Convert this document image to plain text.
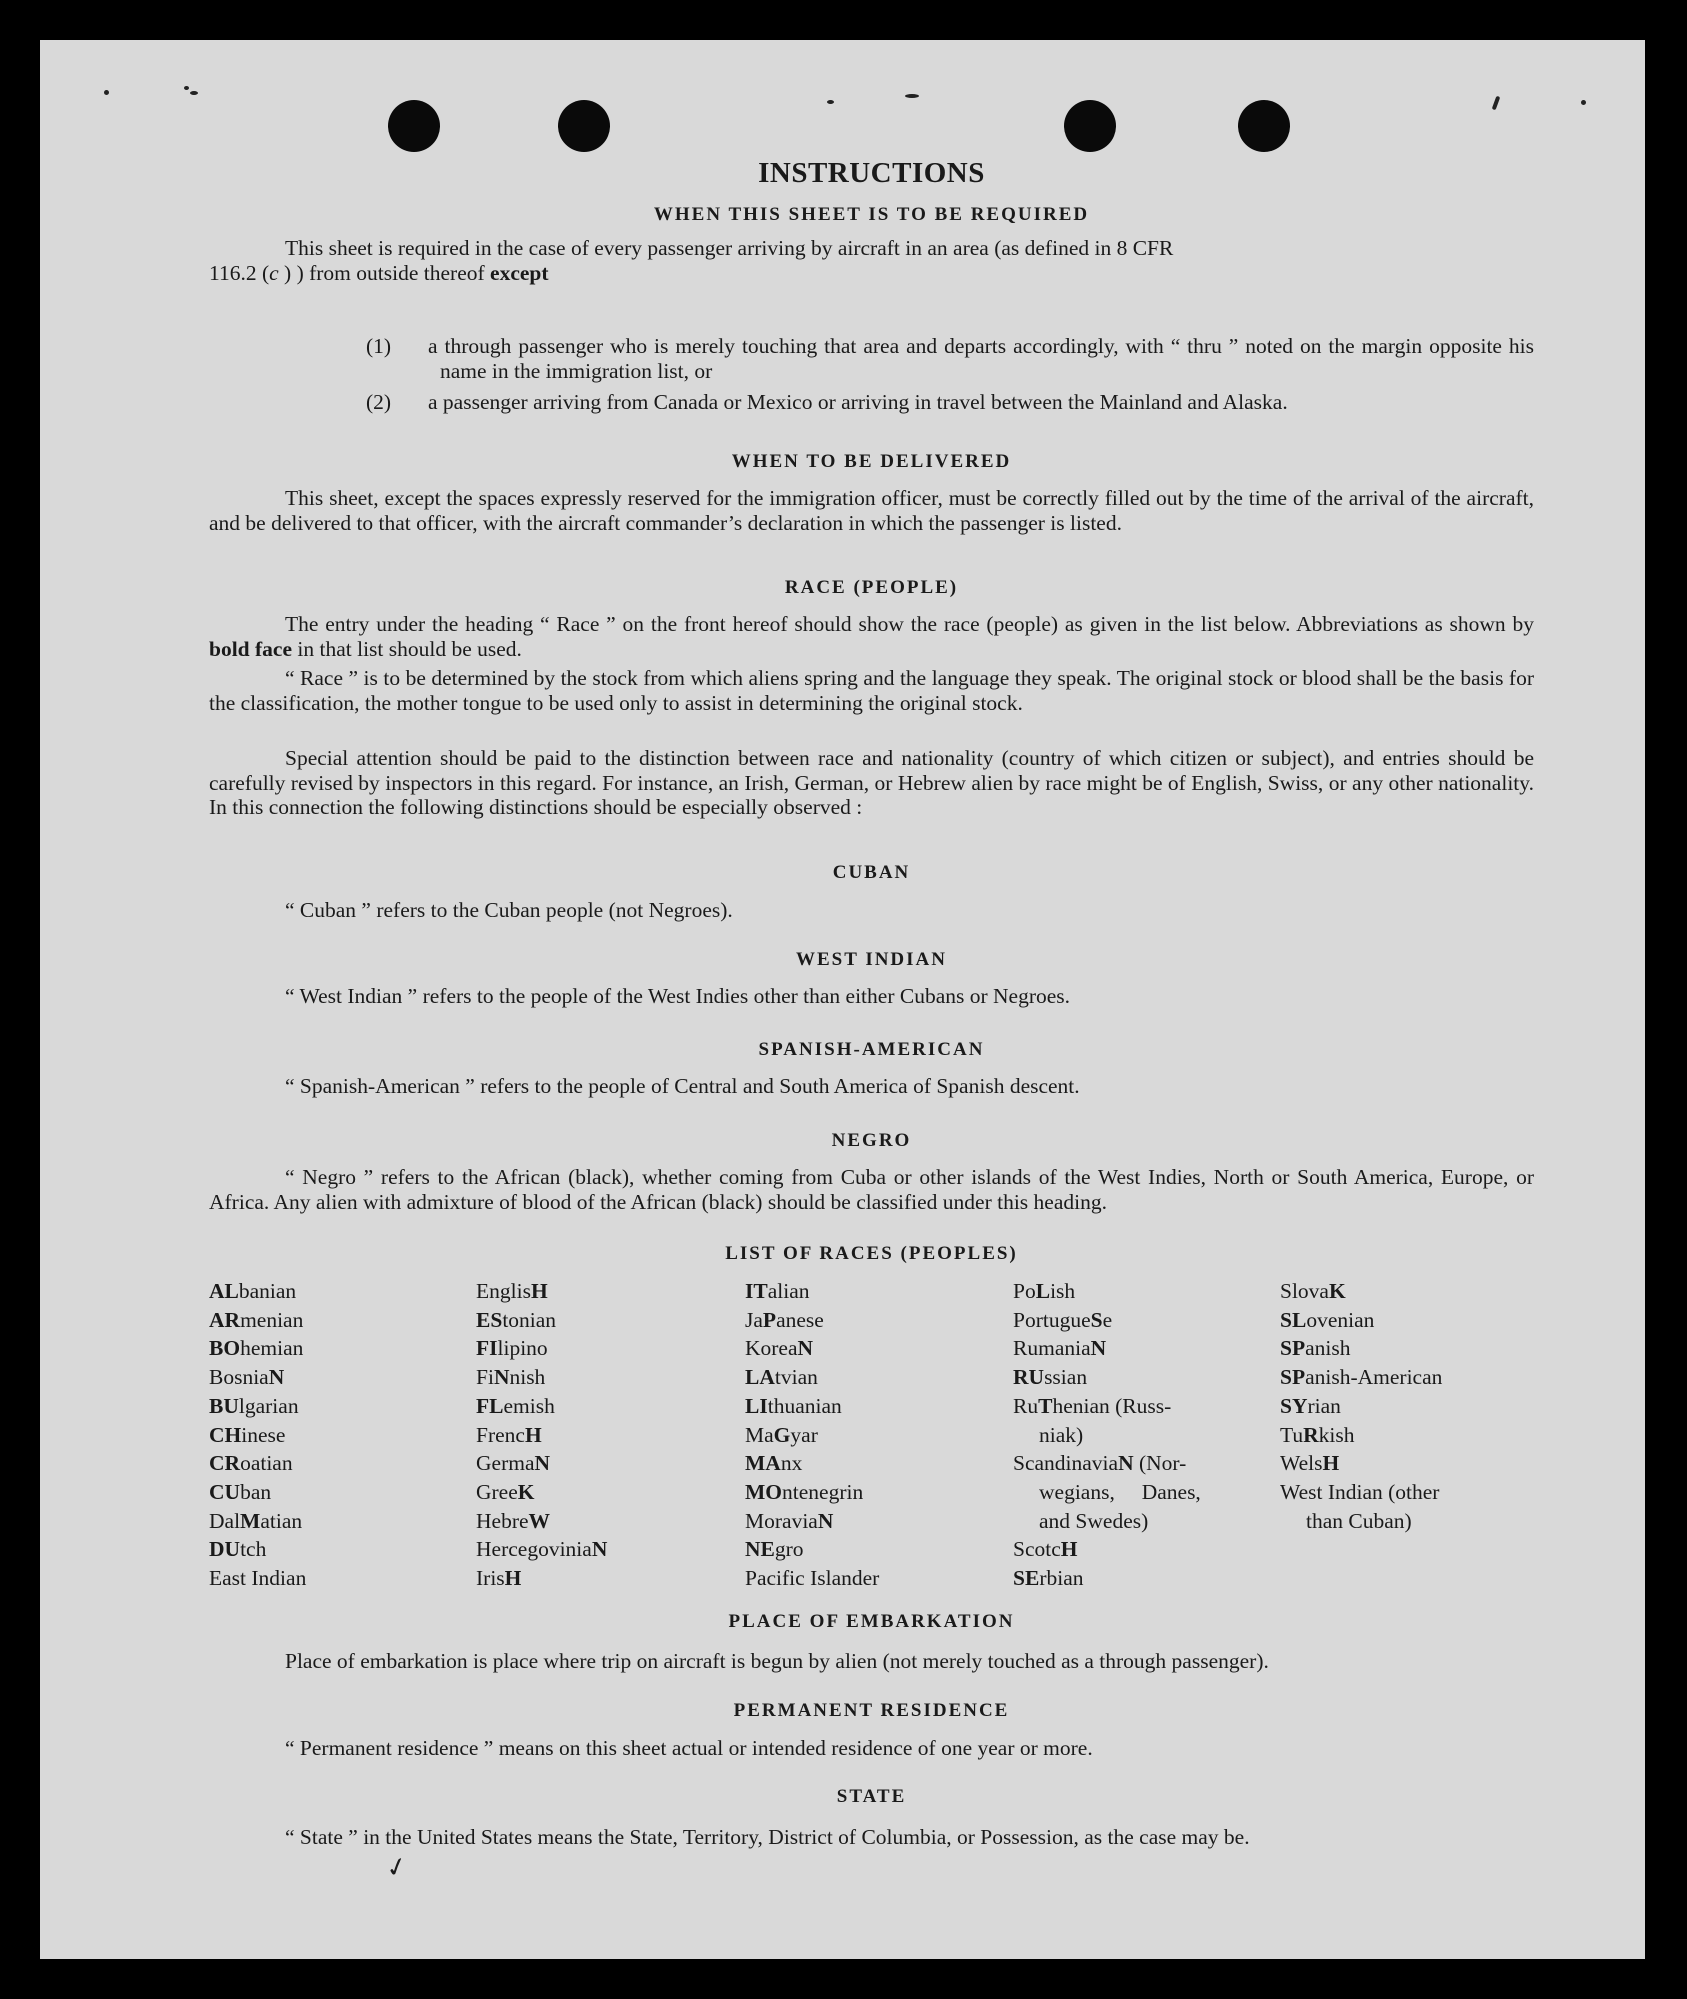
INSTRUCTIONS
WHEN THIS SHEET IS TO BE REQUIRED
This sheet is required in the case of every passenger arriving by aircraft in an area (as defined in 8 CFR
116.2 (c ) ) from outside thereof except
(1) a through passenger who is merely touching that area and departs accordingly, with “ thru ” noted on the margin opposite his name in the immigration list, or
(2) a passenger arriving from Canada or Mexico or arriving in travel between the Mainland and Alaska.
WHEN TO BE DELIVERED
This sheet, except the spaces expressly reserved for the immigration officer, must be correctly filled out by the time of the arrival of the aircraft, and be delivered to that officer, with the aircraft commander’s declaration in which the passenger is listed.
RACE (PEOPLE)
The entry under the heading “ Race ” on the front hereof should show the race (people) as given in the list below. Abbreviations as shown by bold face in that list should be used.
“ Race ” is to be determined by the stock from which aliens spring and the language they speak. The original stock or blood shall be the basis for the classification, the mother tongue to be used only to assist in determining the original stock.
Special attention should be paid to the distinction between race and nationality (country of which citizen or subject), and entries should be carefully revised by inspectors in this regard. For instance, an Irish, German, or Hebrew alien by race might be of English, Swiss, or any other nationality. In this connection the following distinctions should be especially observed :
CUBAN
“ Cuban ” refers to the Cuban people (not Negroes).
WEST INDIAN
“ West Indian ” refers to the people of the West Indies other than either Cubans or Negroes.
SPANISH-AMERICAN
“ Spanish-American ” refers to the people of Central and South America of Spanish descent.
NEGRO
“ Negro ” refers to the African (black), whether coming from Cuba or other islands of the West Indies, North or South America, Europe, or Africa. Any alien with admixture of blood of the African (black) should be classified under this heading.
LIST OF RACES (PEOPLES)
ALbanian
ARmenian
BOhemian
BosniaN
BUlgarian
CHinese
CRoatian
CUban
DalMatian
DUtch
East Indian
EnglisH
EStonian
FIlipino
FiNnish
FLemish
FrencH
GermaN
GreeK
HebreW
HercegoviniaN
IrisH
ITalian
JaPanese
KoreaN
LAtvian
LIthuanian
MaGyar
MAnx
MOntenegrin
MoraviaN
NEgro
Pacific Islander
PoLish
PortugueSe
RumaniaN
RUssian
RuThenian (Russ-
niak)
ScandinaviaN (Nor-
wegians,     Danes,
and Swedes)
ScotcH
SErbian
SlovaK
SLovenian
SPanish
SPanish-American
SYrian
TuRkish
WelsH
West Indian (other
than Cuban)
PLACE OF EMBARKATION
Place of embarkation is place where trip on aircraft is begun by alien (not merely touched as a through passenger).
PERMANENT RESIDENCE
“ Permanent residence ” means on this sheet actual or intended residence of one year or more.
STATE
“ State ” in the United States means the State, Territory, District of Columbia, or Possession, as the case may be.
✓
